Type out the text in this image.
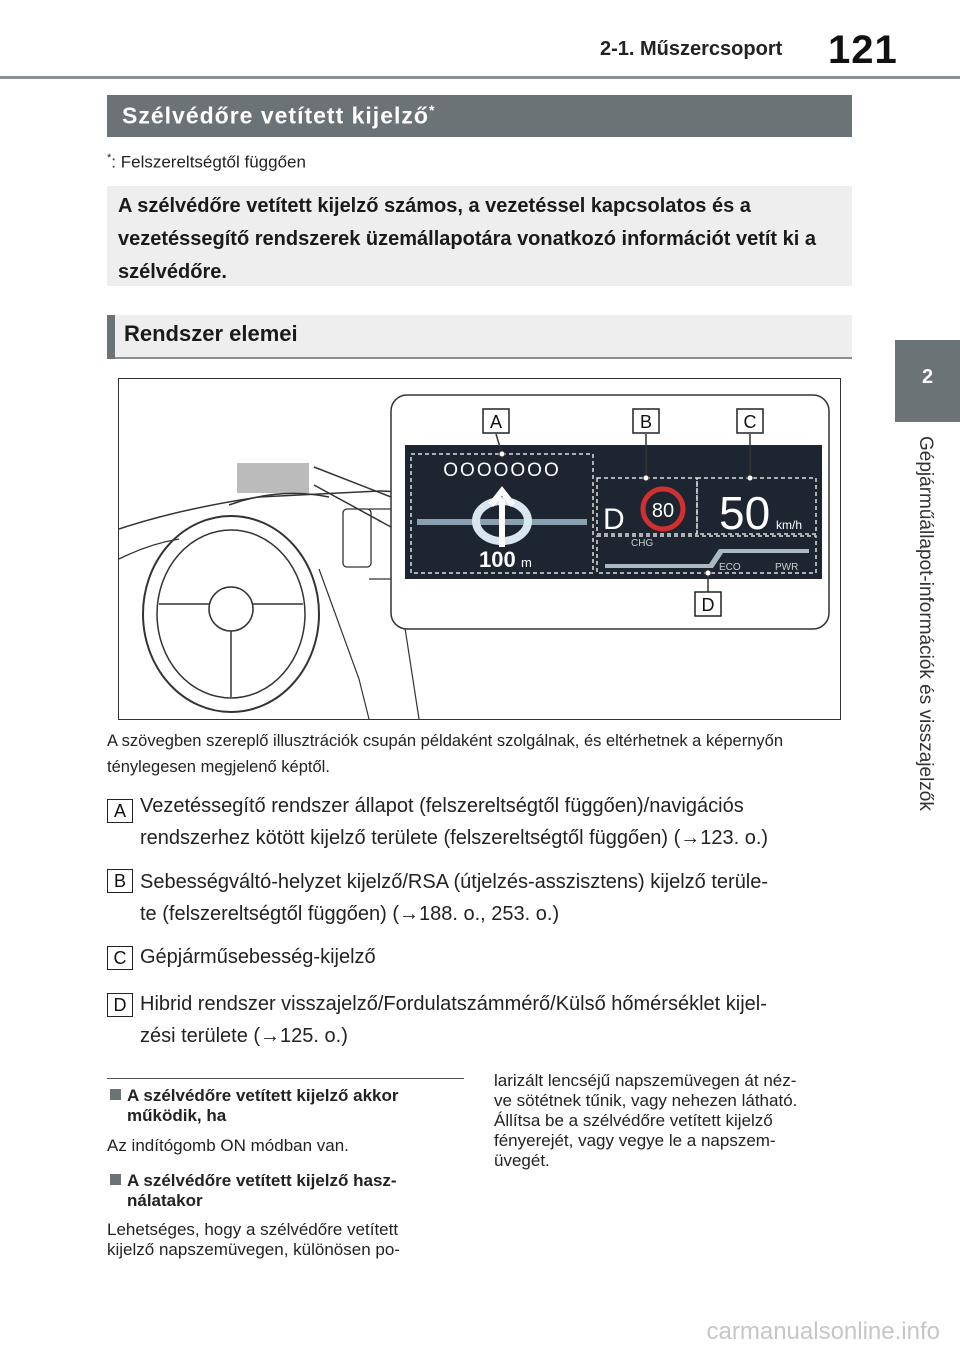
2-1. Műszercsoport 121
2
Gépjárműállapot-információk és visszajelzők
Szélvédőre vetített kijelző*
*: Felszereltségtől függően
A szélvédőre vetített kijelző számos, a vezetéssel kapcsolatos és a vezetéssegítő rendszerek üzemállapotára vonatkozó információt vetít ki a szélvédőre.
Rendszer elemei
OOOOOOO
100 m
D 80 50 km/h
CHG
ECO	PWR
A	B	C
D
A szövegben szereplő illusztrációk csupán példaként szolgálnak, és eltérhetnek a képernyőn ténylegesen megjelenő képtől.
A Vezetéssegítő rendszer állapot (felszereltségtől függően)/navigációs
rendszerhez kötött kijelző területe (felszereltségtől függően) (→123. o.)
B Sebességváltó-helyzet kijelző/RSA (útjelzés-asszisztens) kijelző terüle-
te (felszereltségtől függően) (→188. o., 253. o.)
C Gépjárműsebesség-kijelző
D Hibrid rendszer visszajelző/Fordulatszámmérő/Külső hőmérséklet kijel-
zési területe (→125. o.)
A szélvédőre vetített kijelző akkor
működik, ha
Az indítógomb ON módban van.
A szélvédőre vetített kijelző hasz-
nálatakor
Lehetséges, hogy a szélvédőre vetített
kijelző napszemüvegen, különösen po-
larizált lencséjű napszemüvegen át néz-
ve sötétnek tűnik, vagy nehezen látható.
Állítsa be a szélvédőre vetített kijelző
fényerejét, vagy vegye le a napszem-
üvegét.
carmanualsonline.info
